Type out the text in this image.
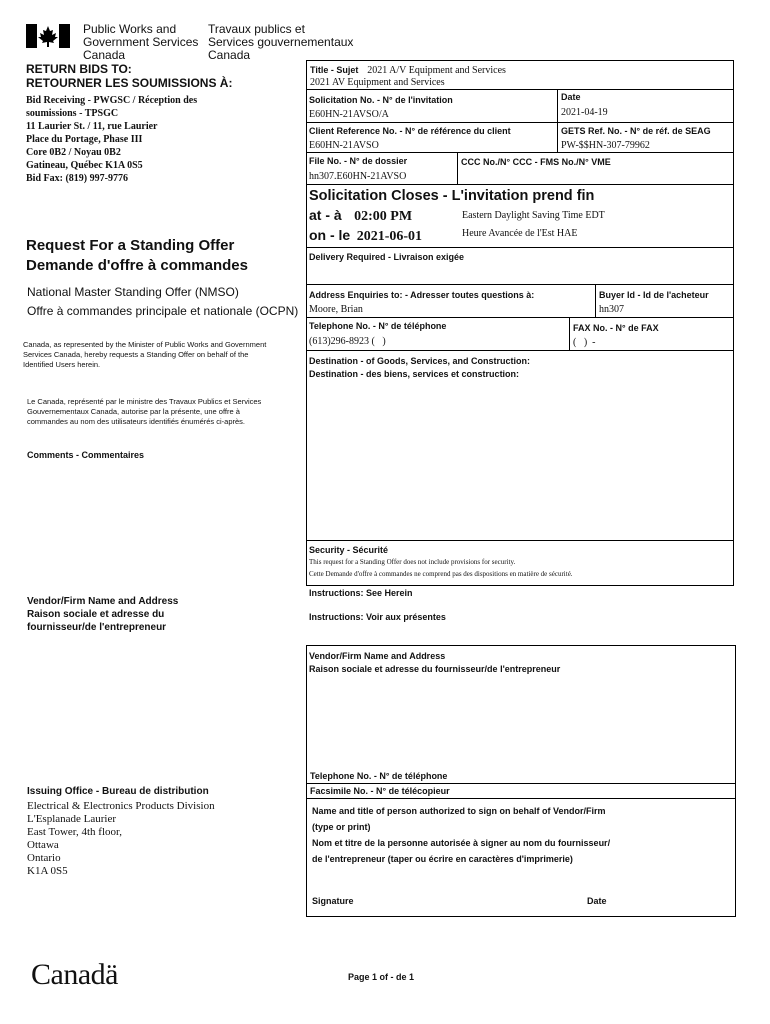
Public Works and
Government Services
Canada
Travaux publics et
Services gouvernementaux
Canada
RETURN BIDS TO:
RETOURNER LES SOUMISSIONS À:
Bid Receiving - PWGSC / Réception des
soumissions - TPSGC
11 Laurier St. / 11, rue Laurier
Place du Portage, Phase III
Core 0B2 / Noyau 0B2
Gatineau, Québec K1A 0S5
Bid Fax: (819) 997-9776
Request For a Standing Offer
Demande d'offre à commandes
National Master Standing Offer (NMSO)
Offre à commandes principale et nationale (OCPN)
Canada, as represented by the Minister of Public Works and Government Services Canada, hereby requests a Standing Offer on behalf of the Identified Users herein.
Le Canada, représenté par le ministre des Travaux Publics et Services Gouvernementaux Canada, autorise par la présente, une offre à commandes au nom des utilisateurs identifiés énumérés ci-après.
Comments - Commentaires
Vendor/Firm Name and Address
Raison sociale et adresse du
fournisseur/de l'entrepreneur
Issuing Office - Bureau de distribution
Electrical & Electronics Products Division
L'Esplanade Laurier
East Tower, 4th floor,
Ottawa
Ontario
K1A 0S5
Title - Sujet 2021 A/V Equipment and Services
2021 AV Equipment and Services
Solicitation No. - N° de l'invitation
E60HN-21AVSO/A
Date
2021-04-19
Client Reference No. - N° de référence du client
E60HN-21AVSO
GETS Ref. No. - N° de réf. de SEAG
PW-$$HN-307-79962
File No. - N° de dossier
hn307.E60HN-21AVSO
CCC No./N° CCC - FMS No./N° VME
Solicitation Closes - L'invitation prend fin
at - à 02:00 PM
on - le 2021-06-01
Eastern Daylight Saving Time EDT
Heure Avancée de l'Est HAE
Delivery Required - Livraison exigée
Address Enquiries to: - Adresser toutes questions à:
Moore, Brian
Buyer Id - Id de l'acheteur
hn307
Telephone No. - N° de téléphone
(613)296-8923 (   )
FAX No. - N° de FAX
(   )  -
Destination - of Goods, Services, and Construction:
Destination - des biens, services et construction:
Security - Sécurité
This request for a Standing Offer does not include provisions for security.
Cette Demande d'offre à commandes ne comprend pas des dispositions en matière de sécurité.
Instructions: See Herein
Instructions: Voir aux présentes
Vendor/Firm Name and Address
Raison sociale et adresse du fournisseur/de l'entrepreneur
Telephone No. - N° de téléphone
Facsimile No. - N° de télécopieur
Name and title of person authorized to sign on behalf of Vendor/Firm
(type or print)
Nom et titre de la personne autorisée à signer au nom du fournisseur/
de l'entrepreneur (taper ou écrire en caractères d'imprimerie)
Signature	Date
Canadä	Page 1 of - de 1
